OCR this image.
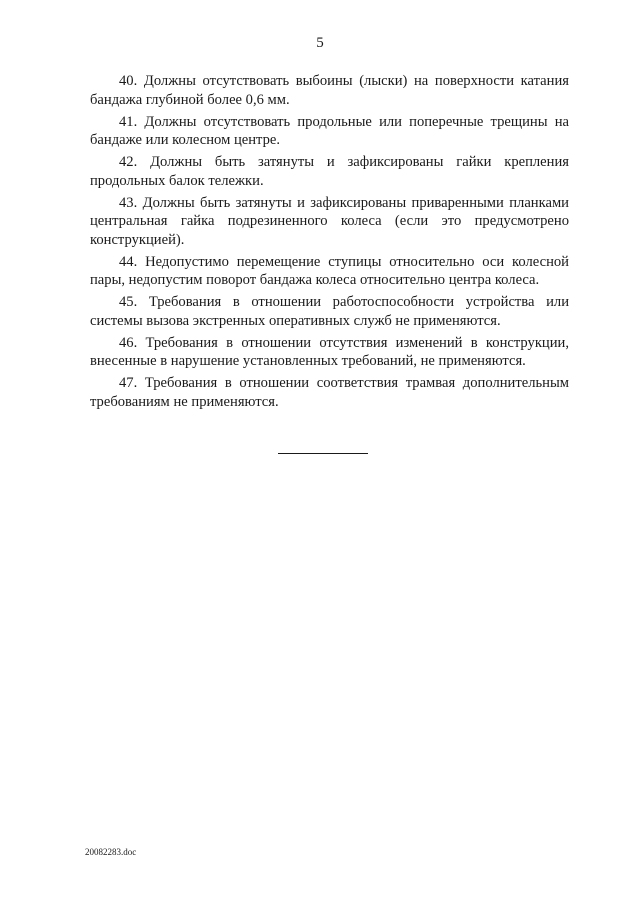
5

40. Должны отсутствовать выбоины (лыски) на поверхности катания бандажа глубиной более 0,6 мм.

41. Должны отсутствовать продольные или поперечные трещины на бандаже или колесном центре.

42. Должны быть затянуты и зафиксированы гайки крепления продольных балок тележки.

43. Должны быть затянуты и зафиксированы приваренными планками центральная гайка подрезиненного колеса (если это предусмотрено конструкцией).

44. Недопустимо перемещение ступицы относительно оси колесной пары, недопустим поворот бандажа колеса относительно центра колеса.

45. Требования в отношении работоспособности устройства или системы вызова экстренных оперативных служб не применяются.

46. Требования в отношении отсутствия изменений в конструкции, внесенные в нарушение установленных требований, не применяются.

47. Требования в отношении соответствия трамвая дополнительным требованиям не применяются.

20082283.doc
